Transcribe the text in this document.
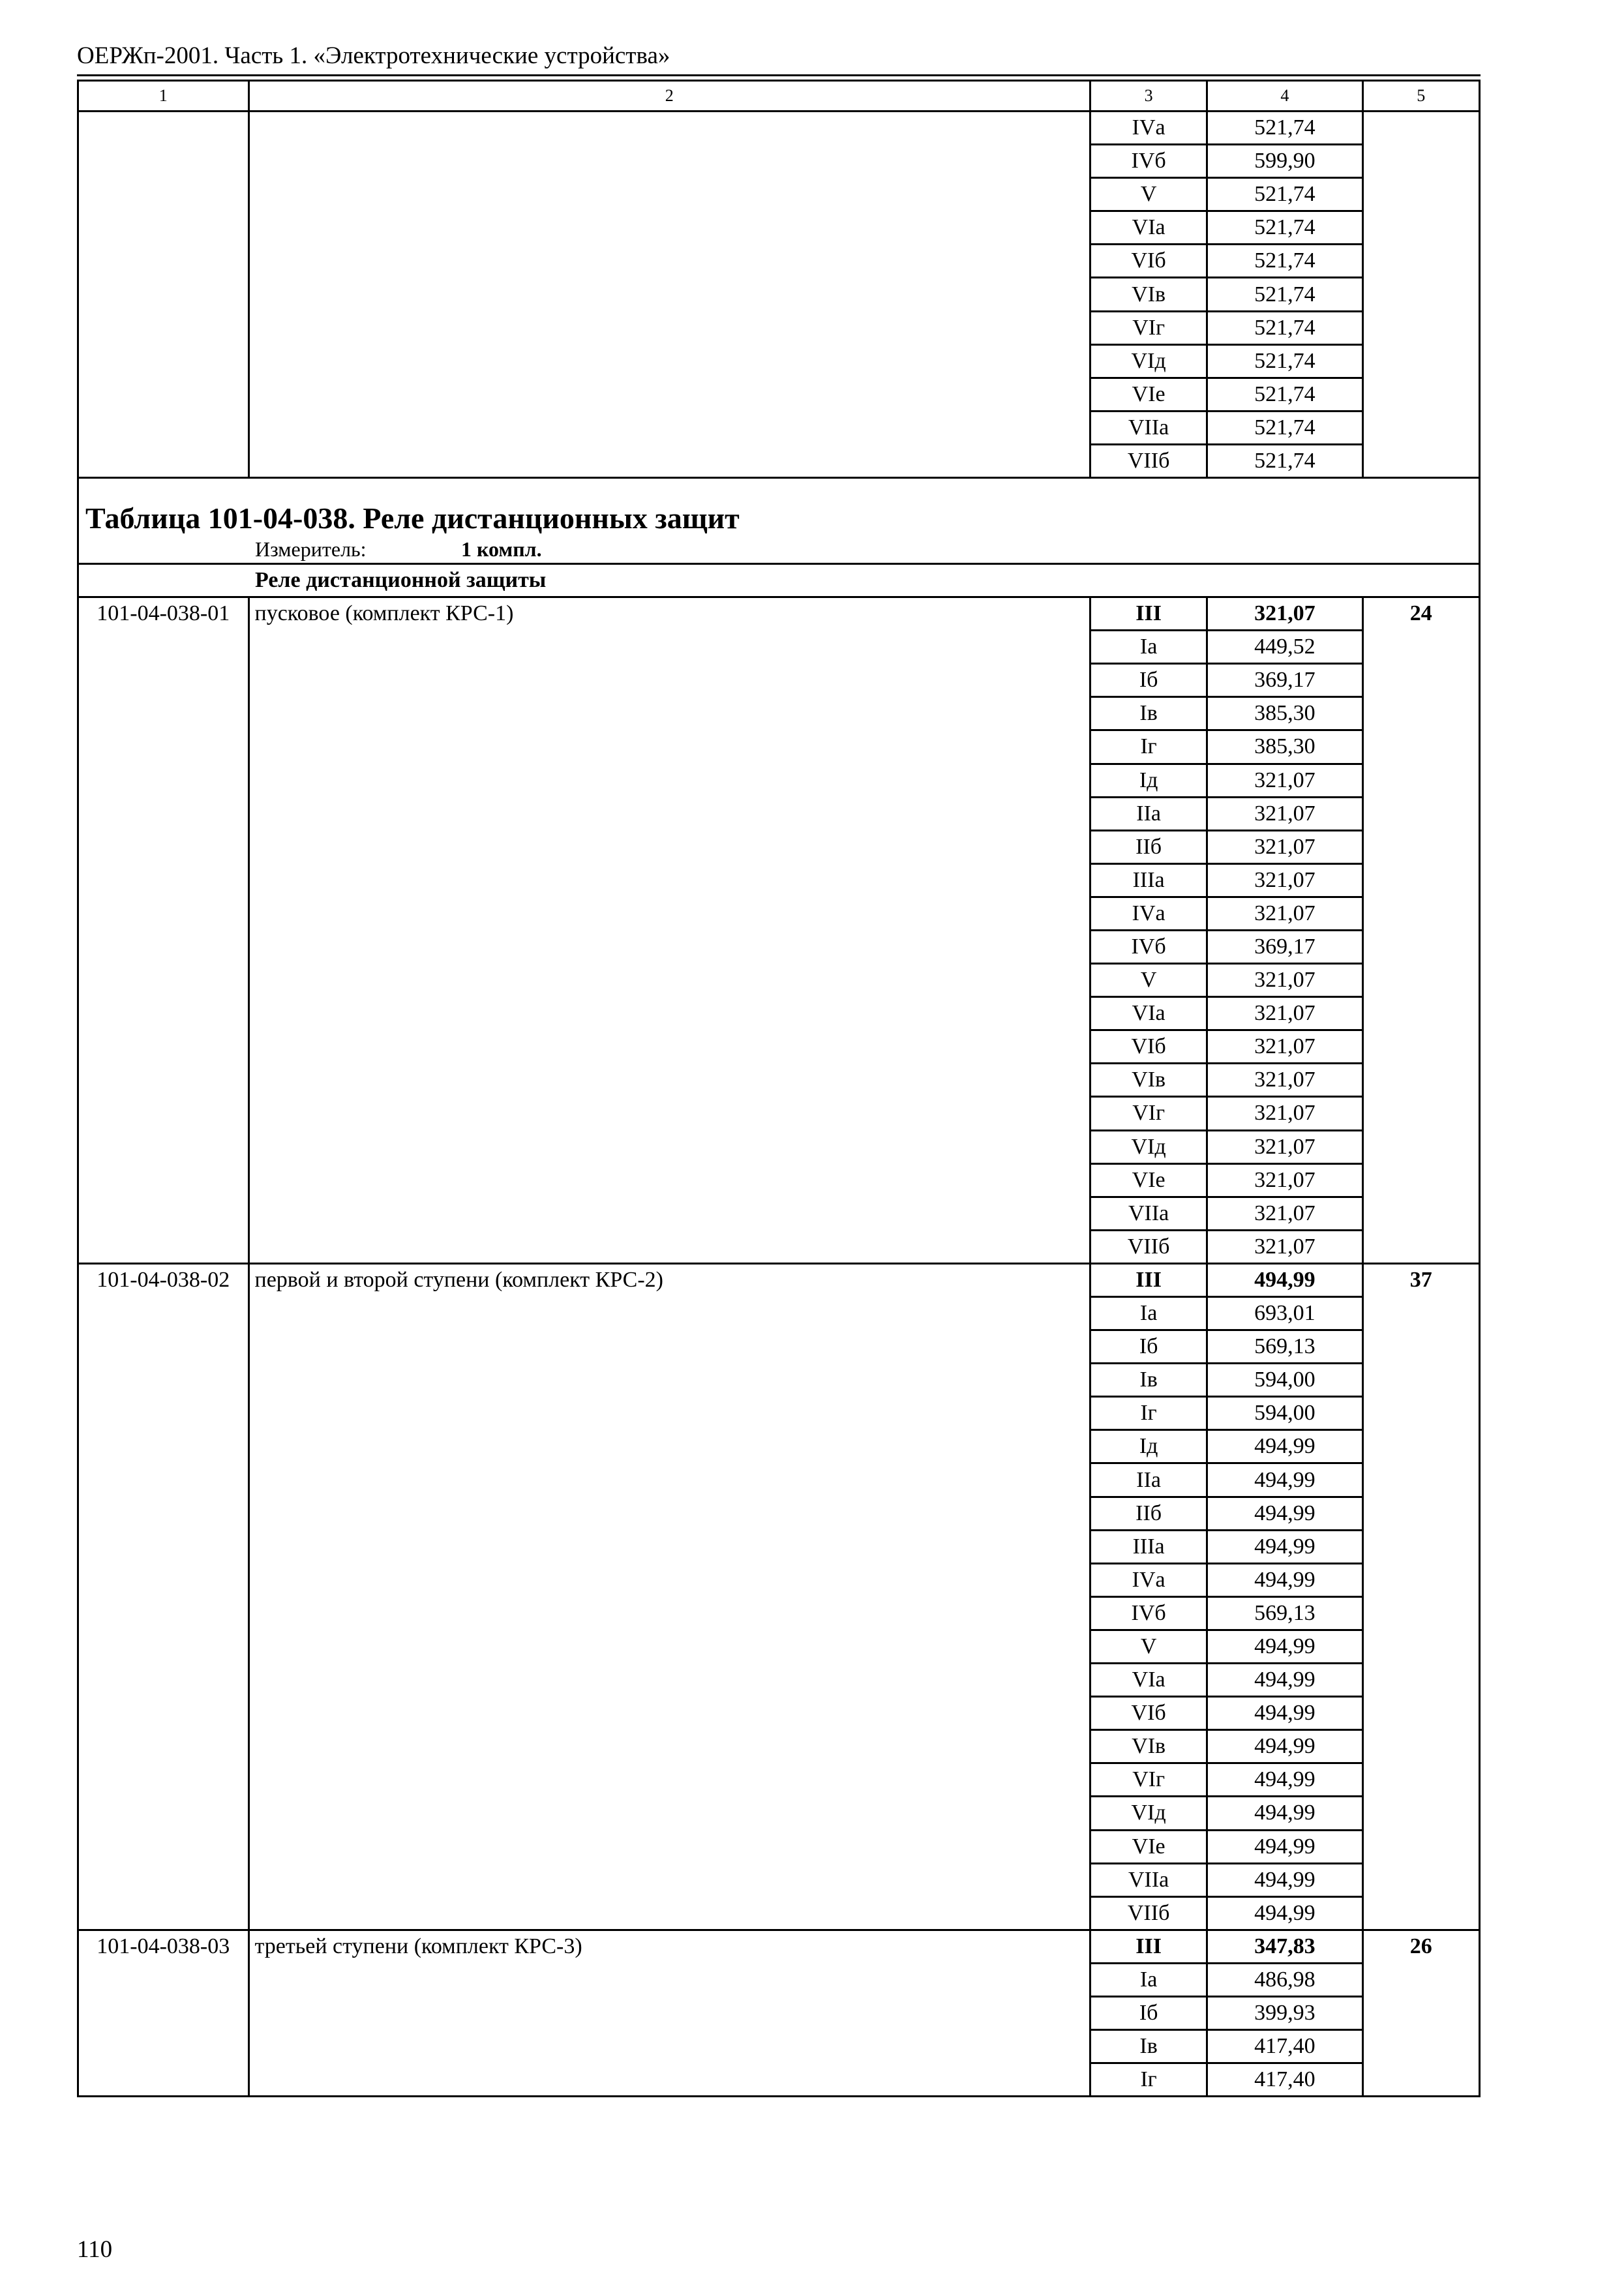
ОЕРЖп-2001. Часть 1. «Электротехнические устройства»
1	2	3	4	5
		IVа	521,74	
		IVб	599,90	
		V	521,74	
		VIа	521,74	
		VIб	521,74	
		VIв	521,74	
		VIг	521,74	
		VIд	521,74	
		VIе	521,74	
		VIIа	521,74	
		VIIб	521,74	
Таблица 101-04-038. Реле дистанционных защит				
Измеритель: 1 компл.				
Реле дистанционной защиты				
101-04-038-01	пусковое (комплект КРС-1)	III	321,07	24
		Iа	449,52	
		Iб	369,17	
		Iв	385,30	
		Iг	385,30	
		Iд	321,07	
		IIа	321,07	
		IIб	321,07	
		IIIа	321,07	
		IVа	321,07	
		IVб	369,17	
		V	321,07	
		VIа	321,07	
		VIб	321,07	
		VIв	321,07	
		VIг	321,07	
		VIд	321,07	
		VIе	321,07	
		VIIа	321,07	
		VIIб	321,07	
101-04-038-02	первой и второй ступени (комплект КРС-2)	III	494,99	37
		Iа	693,01	
		Iб	569,13	
		Iв	594,00	
		Iг	594,00	
		Iд	494,99	
		IIа	494,99	
		IIб	494,99	
		IIIа	494,99	
		IVа	494,99	
		IVб	569,13	
		V	494,99	
		VIа	494,99	
		VIб	494,99	
		VIв	494,99	
		VIг	494,99	
		VIд	494,99	
		VIе	494,99	
		VIIа	494,99	
		VIIб	494,99	
101-04-038-03	третьей ступени (комплект КРС-3)	III	347,83	26
		Iа	486,98	
		Iб	399,93	
		Iв	417,40	
		Iг	417,40	
110
